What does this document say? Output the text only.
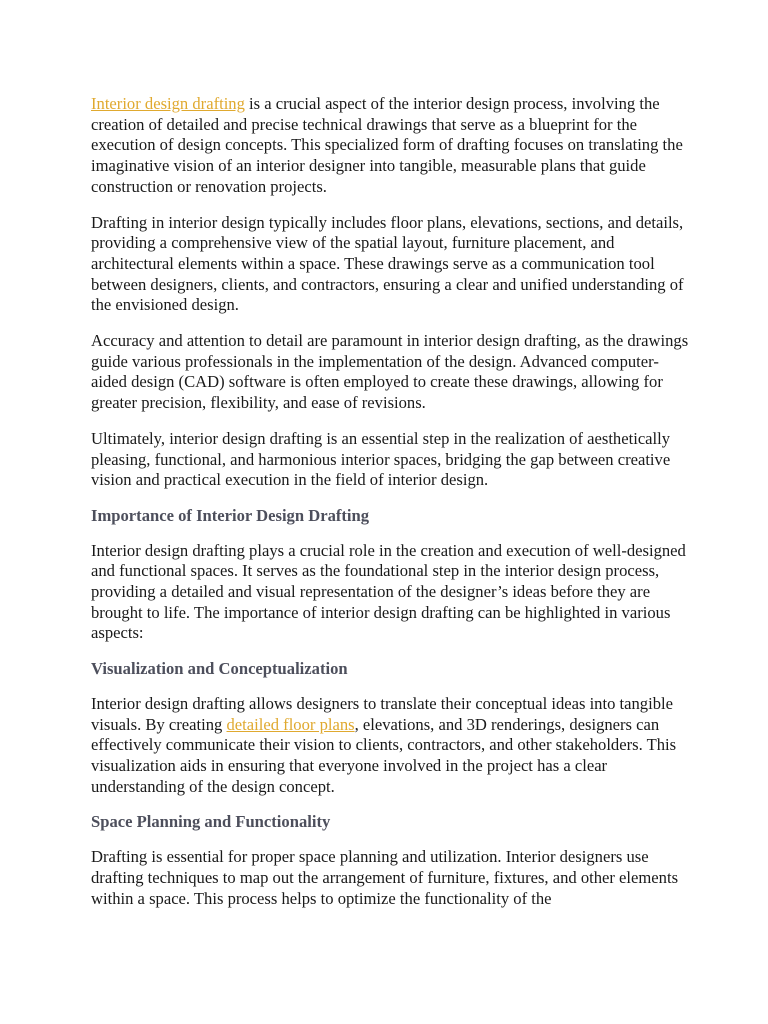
Interior design drafting is a crucial aspect of the interior design process, involving the creation of detailed and precise technical drawings that serve as a blueprint for the execution of design concepts. This specialized form of drafting focuses on translating the imaginative vision of an interior designer into tangible, measurable plans that guide construction or renovation projects.

Drafting in interior design typically includes floor plans, elevations, sections, and details, providing a comprehensive view of the spatial layout, furniture placement, and architectural elements within a space. These drawings serve as a communication tool between designers, clients, and contractors, ensuring a clear and unified understanding of the envisioned design.

Accuracy and attention to detail are paramount in interior design drafting, as the drawings guide various professionals in the implementation of the design. Advanced computer-aided design (CAD) software is often employed to create these drawings, allowing for greater precision, flexibility, and ease of revisions.

Ultimately, interior design drafting is an essential step in the realization of aesthetically pleasing, functional, and harmonious interior spaces, bridging the gap between creative vision and practical execution in the field of interior design.

Importance of Interior Design Drafting

Interior design drafting plays a crucial role in the creation and execution of well-designed and functional spaces. It serves as the foundational step in the interior design process, providing a detailed and visual representation of the designer’s ideas before they are brought to life. The importance of interior design drafting can be highlighted in various aspects:

Visualization and Conceptualization

Interior design drafting allows designers to translate their conceptual ideas into tangible visuals. By creating detailed floor plans, elevations, and 3D renderings, designers can effectively communicate their vision to clients, contractors, and other stakeholders. This visualization aids in ensuring that everyone involved in the project has a clear understanding of the design concept.

Space Planning and Functionality

Drafting is essential for proper space planning and utilization. Interior designers use drafting techniques to map out the arrangement of furniture, fixtures, and other elements within a space. This process helps to optimize the functionality of the
